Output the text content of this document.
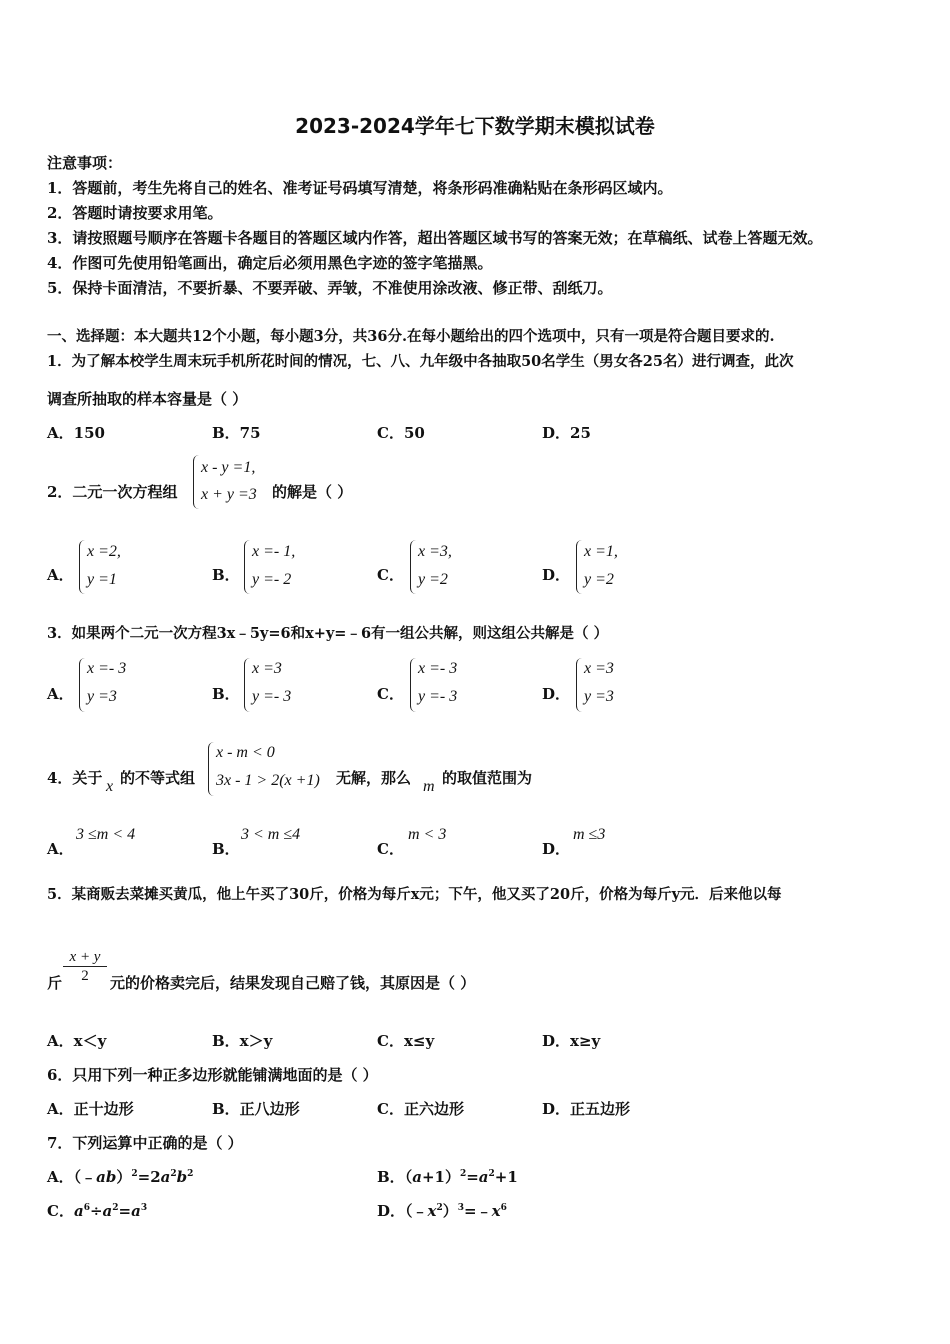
2023-2024学年七下数学期末模拟试卷
注意事项：
1．答题前，考生先将自己的姓名、准考证号码填写清楚，将条形码准确粘贴在条形码区域内。
2．答题时请按要求用笔。
3．请按照题号顺序在答题卡各题目的答题区域内作答，超出答题区域书写的答案无效；在草稿纸、试卷上答题无效。
4．作图可先使用铅笔画出，确定后必须用黑色字迹的签字笔描黑。
5．保持卡面清洁，不要折暴、不要弄破、弄皱，不准使用涂改液、修正带、刮纸刀。
一、选择题：本大题共12个小题，每小题3分，共36分.在每小题给出的四个选项中，只有一项是符合题目要求的.
1．为了解本校学生周末玩手机所花时间的情况，七、八、九年级中各抽取50名学生（男女各25名）进行调查，此次
调查所抽取的样本容量是（ ）
A．150	B．75	C．50	D．25
2．二元一次方程组
x - y =1,
x + y =3 的解是（ ）
A．
x =2,
y =1	B．
x =- 1,
y =- 2	C．
x =3,
y =2	D．
x =1,
y =2
3．如果两个二元一次方程3x﹣5y=6和x+y=﹣6有一组公共解，则这组公共解是（ ）
A．
x =- 3
y =3	B．
x =3
y =- 3	C．
x =- 3
y =- 3	D．
x =3
y =3
4．关于 x 的不等式组
x - m < 0
3x - 1 > 2(x +1) 无解，那么 m 的取值范围为
A．
3 ≤m < 4
B．
3 < m ≤4
C．
m < 3
D．
m ≤3
5．某商贩去菜摊买黄瓜，他上午买了30斤，价格为每斤x元；下午，他又买了20斤，价格为每斤y元．后来他以每
斤 $\frac{x + y}{2}$ 元的价格卖完后，结果发现自己赔了钱，其原因是（ ）
A．x＜y	B．x＞y	C．x≤y	D．x≥y
6．只用下列一种正多边形就能铺满地面的是（ ）
A．正十边形	B．正八边形	C．正六边形	D．正五边形
7．下列运算中正确的是（ ）
A．$(﹣ab)^2=2a^2b^2$	B．$(a+1)^2=a^2+1$
C．$a^6\div a^2=a^3$	D．$(﹣x^2)^3=﹣x^6$
